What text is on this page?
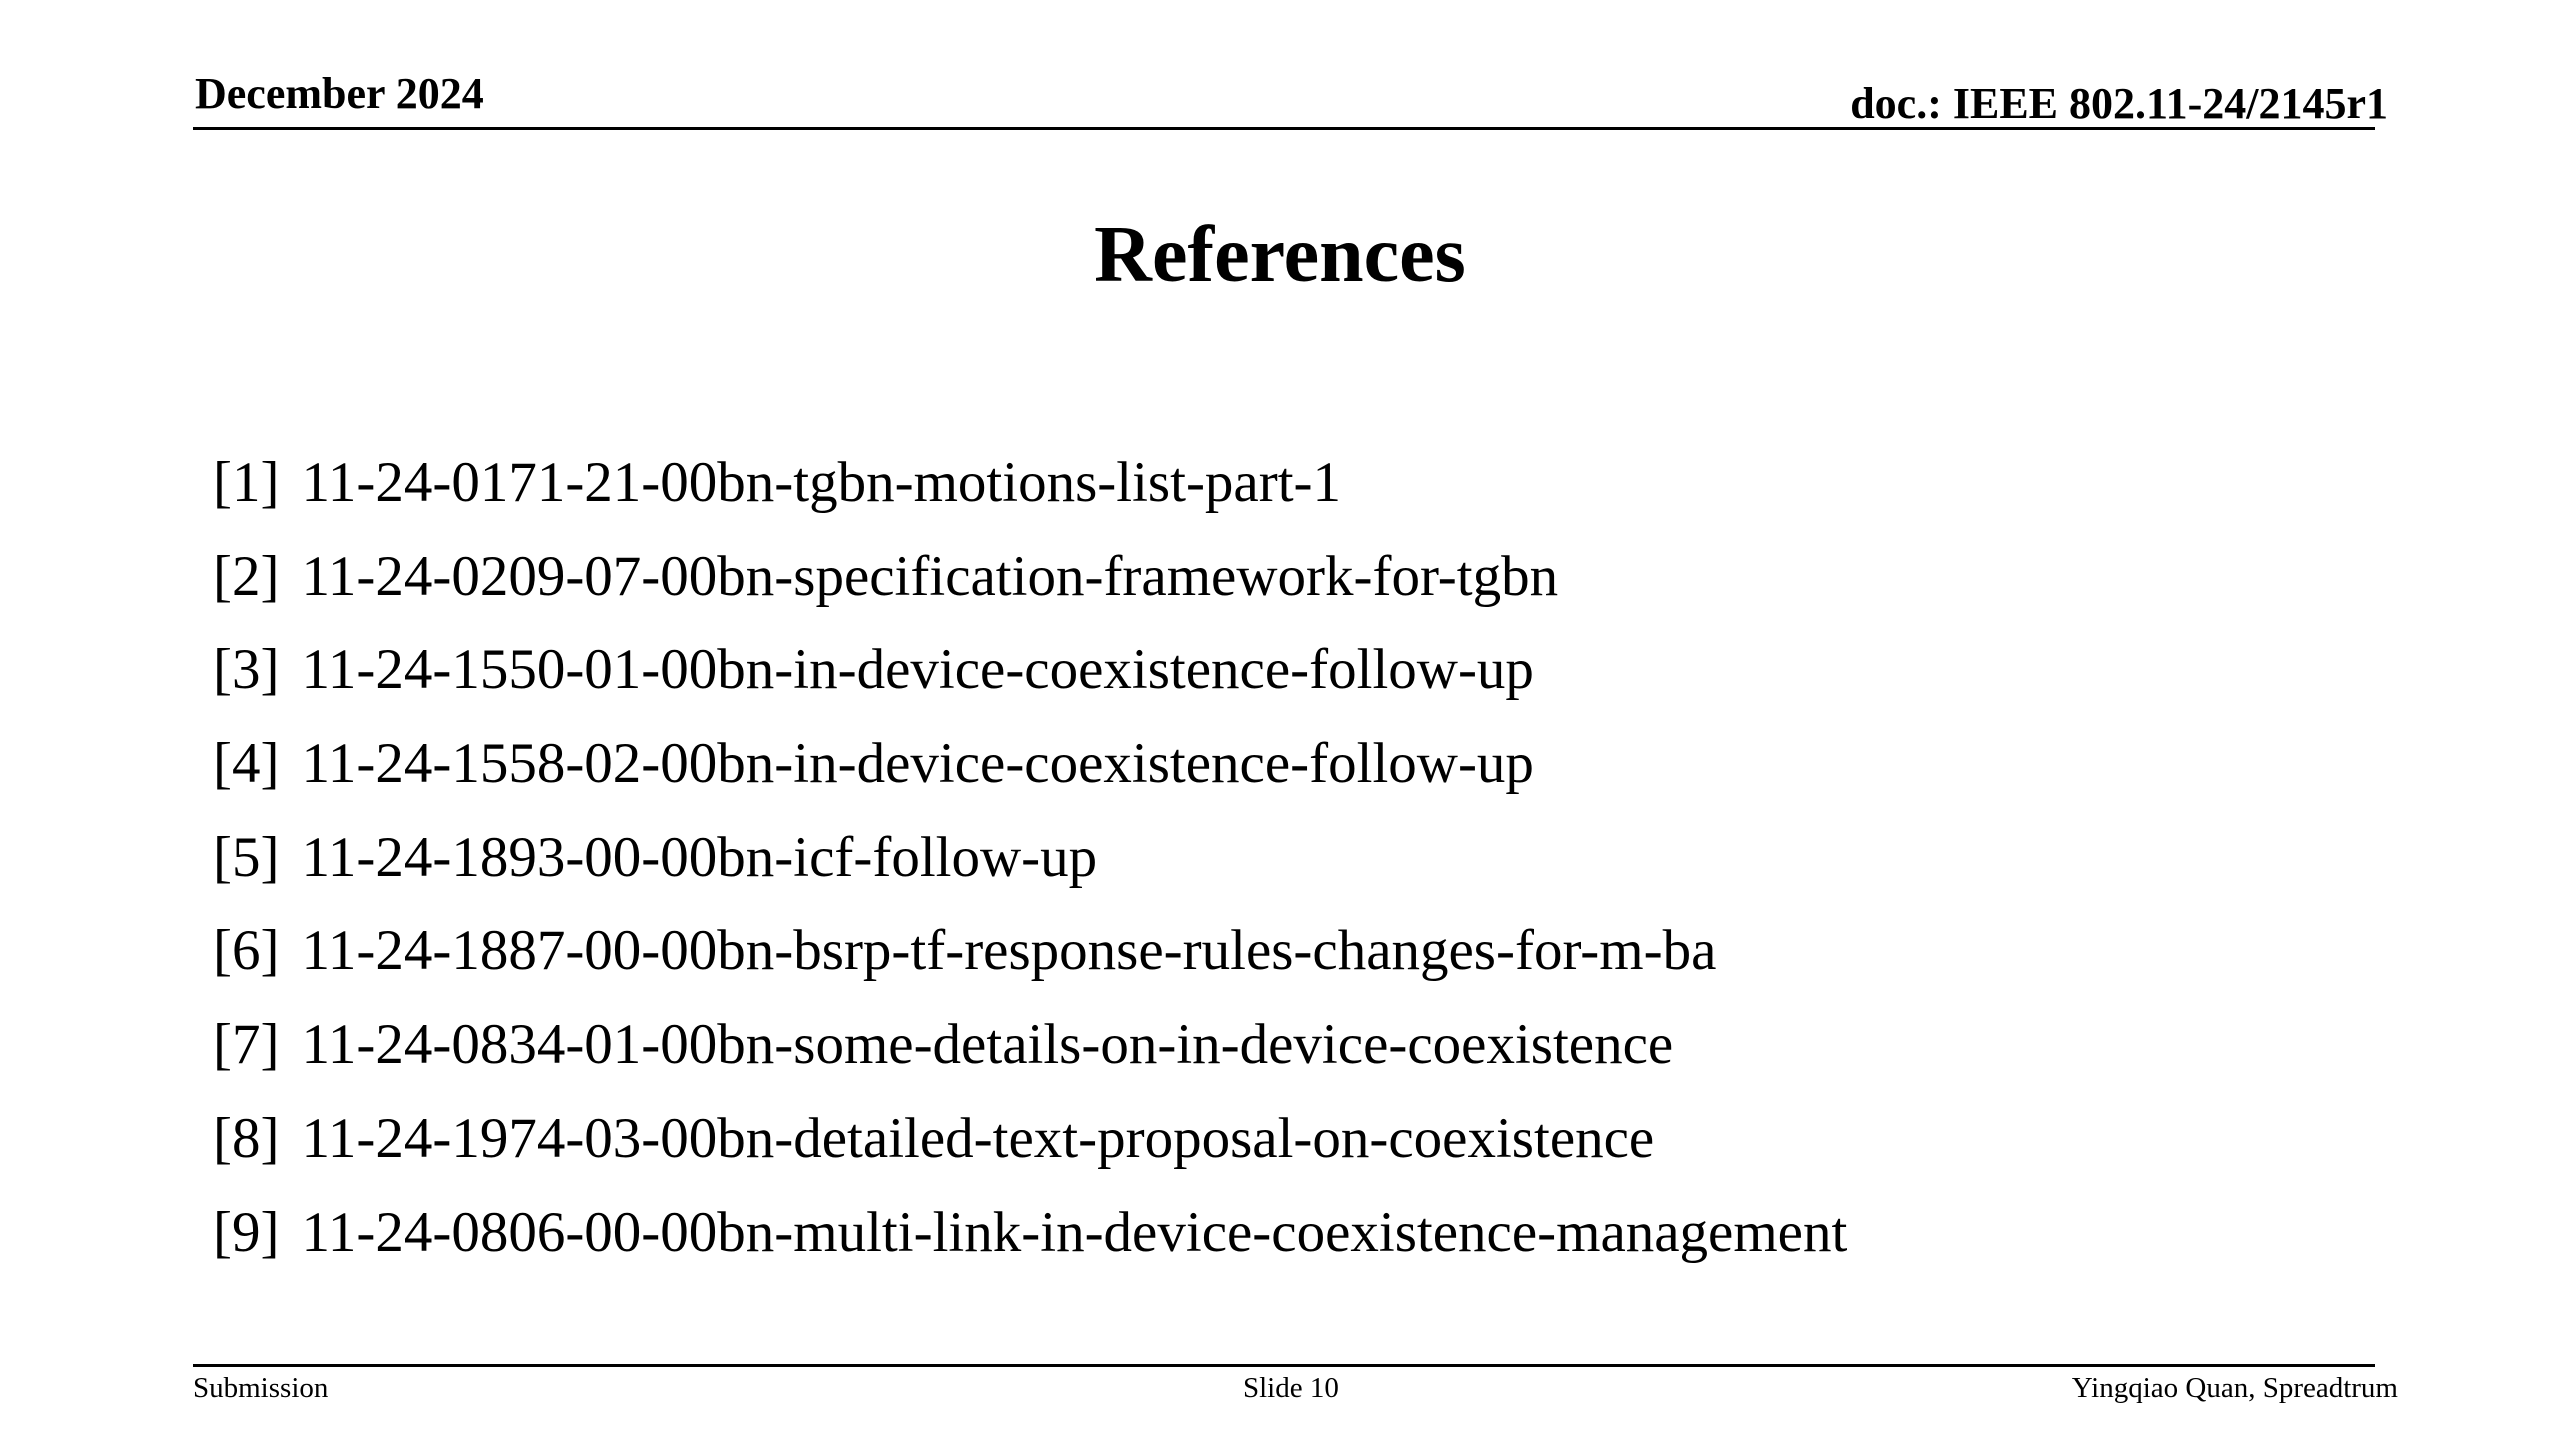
December 2024	doc.: IEEE 802.11-24/2145r1
References
[1] 11-24-0171-21-00bn-tgbn-motions-list-part-1
[2] 11-24-0209-07-00bn-specification-framework-for-tgbn
[3] 11-24-1550-01-00bn-in-device-coexistence-follow-up
[4] 11-24-1558-02-00bn-in-device-coexistence-follow-up
[5] 11-24-1893-00-00bn-icf-follow-up
[6] 11-24-1887-00-00bn-bsrp-tf-response-rules-changes-for-m-ba
[7] 11-24-0834-01-00bn-some-details-on-in-device-coexistence
[8] 11-24-1974-03-00bn-detailed-text-proposal-on-coexistence
[9] 11-24-0806-00-00bn-multi-link-in-device-coexistence-management
Submission	Slide 10	Yingqiao Quan, Spreadtrum
